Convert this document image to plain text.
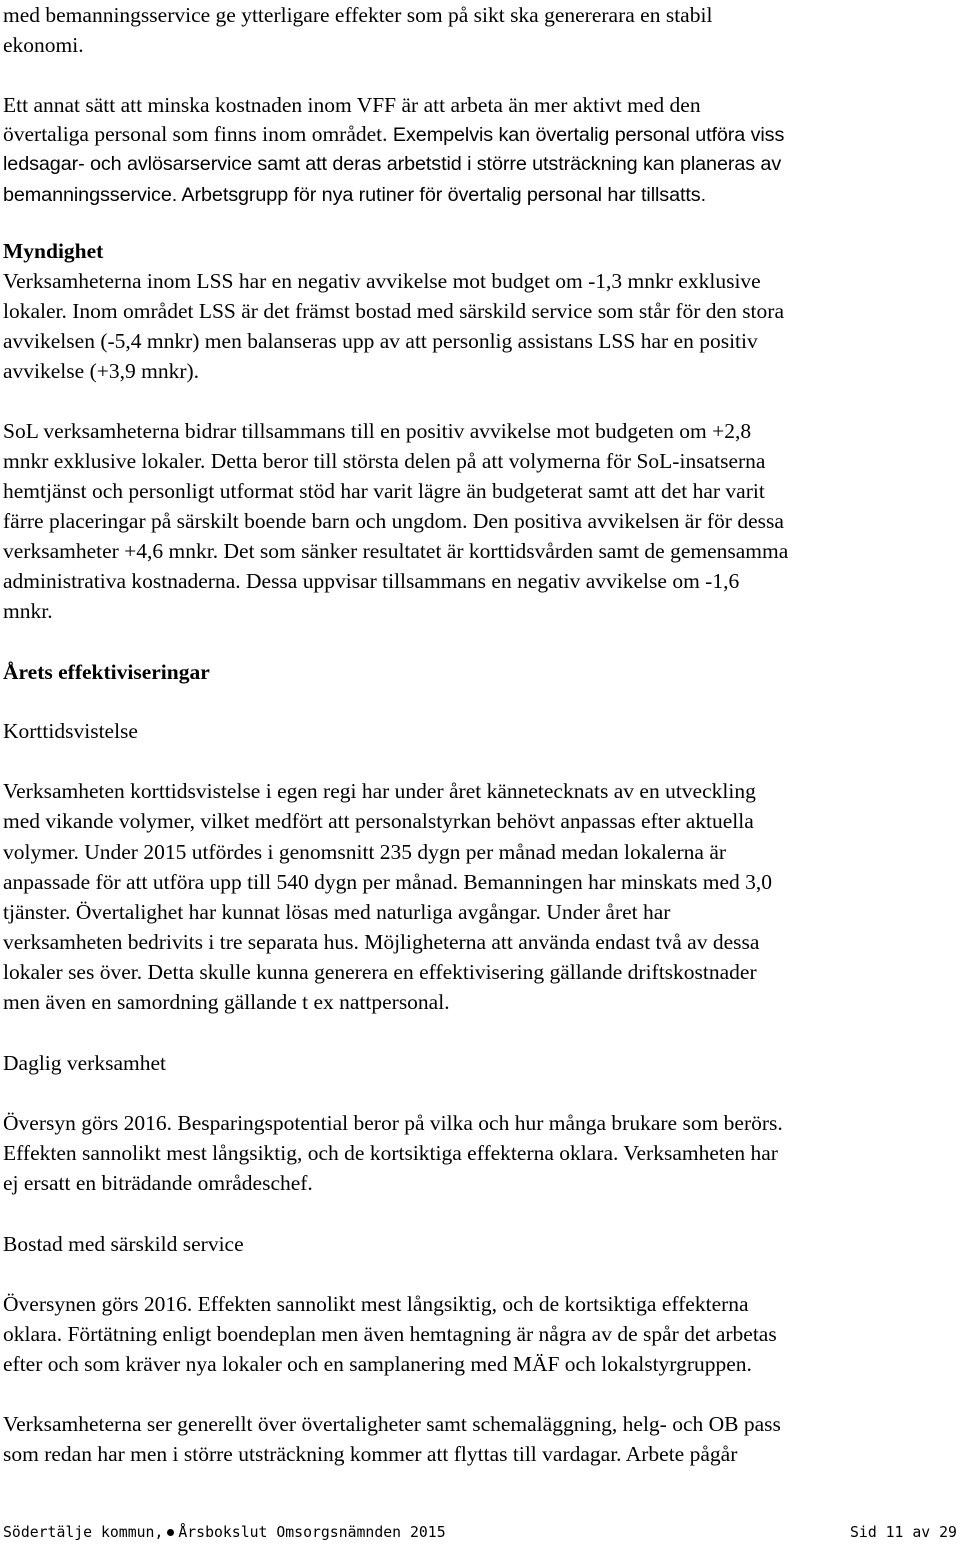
med bemanningsservice ge ytterligare effekter som på sikt ska genererara en stabil
ekonomi.
Ett annat sätt att minska kostnaden inom VFF är att arbeta än mer aktivt med den
övertaliga personal som finns inom området. Exempelvis kan övertalig personal utföra viss
ledsagar- och avlösarservice samt att deras arbetstid i större utsträckning kan planeras av
bemanningsservice. Arbetsgrupp för nya rutiner för övertalig personal har tillsatts.
Myndighet
Verksamheterna inom LSS har en negativ avvikelse mot budget om -1,3 mnkr exklusive
lokaler. Inom området LSS är det främst bostad med särskild service som står för den stora
avvikelsen (-5,4 mnkr) men balanseras upp av att personlig assistans LSS har en positiv
avvikelse (+3,9 mnkr).
SoL verksamheterna bidrar tillsammans till en positiv avvikelse mot budgeten om +2,8
mnkr exklusive lokaler. Detta beror till största delen på att volymerna för SoL-insatserna
hemtjänst och personligt utformat stöd har varit lägre än budgeterat samt att det har varit
färre placeringar på särskilt boende barn och ungdom. Den positiva avvikelsen är för dessa
verksamheter +4,6 mnkr. Det som sänker resultatet är korttidsvården samt de gemensamma
administrativa kostnaderna. Dessa uppvisar tillsammans en negativ avvikelse om -1,6
mnkr.
Årets effektiviseringar
Korttidsvistelse
Verksamheten korttidsvistelse i egen regi har under året kännetecknats av en utveckling
med vikande volymer, vilket medfört att personalstyrkan behövt anpassas efter aktuella
volymer. Under 2015 utfördes i genomsnitt 235 dygn per månad medan lokalerna är
anpassade för att utföra upp till 540 dygn per månad. Bemanningen har minskats med 3,0
tjänster. Övertalighet har kunnat lösas med naturliga avgångar. Under året har
verksamheten bedrivits i tre separata hus. Möjligheterna att använda endast två av dessa
lokaler ses över. Detta skulle kunna generera en effektivisering gällande driftskostnader
men även en samordning gällande t ex nattpersonal.
Daglig verksamhet
Översyn görs 2016. Besparingspotential beror på vilka och hur många brukare som berörs.
Effekten sannolikt mest långsiktig, och de kortsiktiga effekterna oklara. Verksamheten har
ej ersatt en biträdande områdeschef.
Bostad med särskild service
Översynen görs 2016. Effekten sannolikt mest långsiktig, och de kortsiktiga effekterna
oklara. Förtätning enligt boendeplan men även hemtagning är några av de spår det arbetas
efter och som kräver nya lokaler och en samplanering med MÄF och lokalstyrgruppen.
Verksamheterna ser generellt över övertaligheter samt schemaläggning, helg- och OB pass
som redan har men i större utsträckning kommer att flyttas till vardagar. Arbete pågår
Södertälje kommun, Årsbokslut Omsorgsnämnden 2015	Sid 11 av 29
